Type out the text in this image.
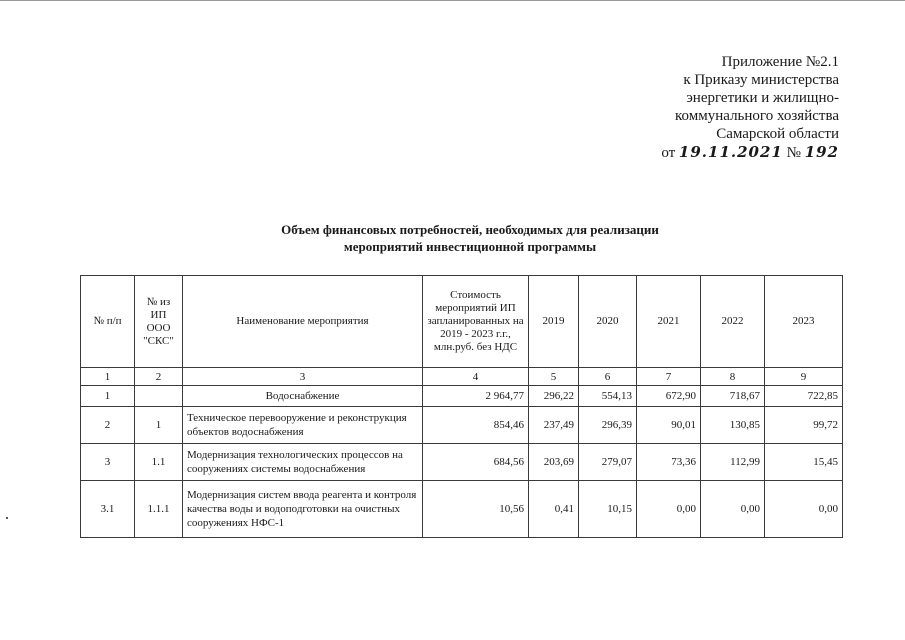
Приложение №2.1
к Приказу министерства
энергетики и жилищно-
коммунального хозяйства
Самарской области
от 19.11.2021 № 192
Объем финансовых потребностей, необходимых для реализации
мероприятий инвестиционной программы
№ п/п	№ из ИП ООО "СКС"	Наименование мероприятия	Стоимость мероприятий ИП запланированных на 2019 - 2023 г.г., млн.руб. без НДС	2019	2020	2021	2022	2023
1	2	3	4	5	6	7	8	9
1		Водоснабжение	2 964,77	296,22	554,13	672,90	718,67	722,85
2	1	Техническое перевооружение и реконструкция объектов водоснабжения	854,46	237,49	296,39	90,01	130,85	99,72
3	1.1	Модернизация технологических процессов на сооружениях системы водоснабжения	684,56	203,69	279,07	73,36	112,99	15,45
3.1	1.1.1	Модернизация систем ввода реагента и контроля качества воды и водоподготовки на очистных сооружениях НФС-1	10,56	0,41	10,15	0,00	0,00	0,00
